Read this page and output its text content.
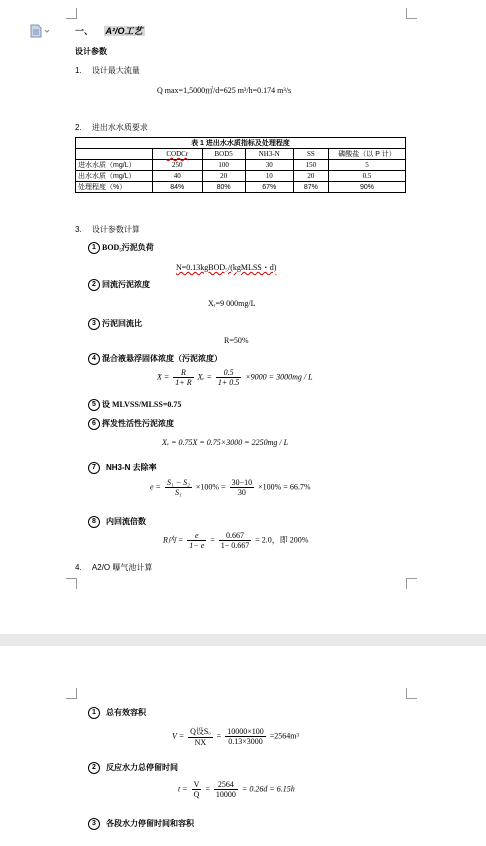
一、 A²/O工艺
设计参数
1. 设计最大流量
Q max=1,5000㎡/d=625 m³/h=0.174 m³/s
2. 进出水水质要求
表 1 进出水水质指标及处理程度					
	CODCr	BOD5	NH3-N	SS	磷酸盐（以 P 计）
进水水质（mg/L）	250	100	30	150	5
出水水质（mg/L）	40	20	10	20	0.5
处理程度（%）	84%	80%	67%	87%	90%
3. 设计参数计算
1 BOD₅污泥负荷
N=0.13kgBOD₅/(kgMLSS・d)
2 回流污泥浓度
Xᵣ=9 000mg/L
3 污泥回流比
R=50%
4 混合液悬浮固体浓度（污泥浓度）
$X = \frac{R}{1+ R}$ Xᵣ = $\frac{0.5}{1+ 0.5} \times 9000 = 3000mg / L$
5 设 MLVSS/MLSS=0.75
6 挥发性活性污泥浓度
Xᵥ = 0.75X = 0.75×3000 = 2250mg / L
7 NH3-N 去除率
$e = \frac{\text{S₁ − S₂}}{\text{S₁}} \times 100\% = \frac{30-10}{30} \times 100\% = 66.7\%$
8 内回流倍数
R内 = $\frac{e}{1- e} = \frac{0.667}{1- 0.667} = 2.0$，即 200%
4. A2/O 曝气池计算
1 总有效容积
$V = \frac{\text{Q设Sₒ}}{NX} = \frac{10000\times 100}{0.13\times 3000} =2564m^3$
2 反应水力总停留时间
$t = \frac{V}{Q} = \frac{2564}{10000} = 0.26d = 6.15h$
3 各段水力停留时间和容积
